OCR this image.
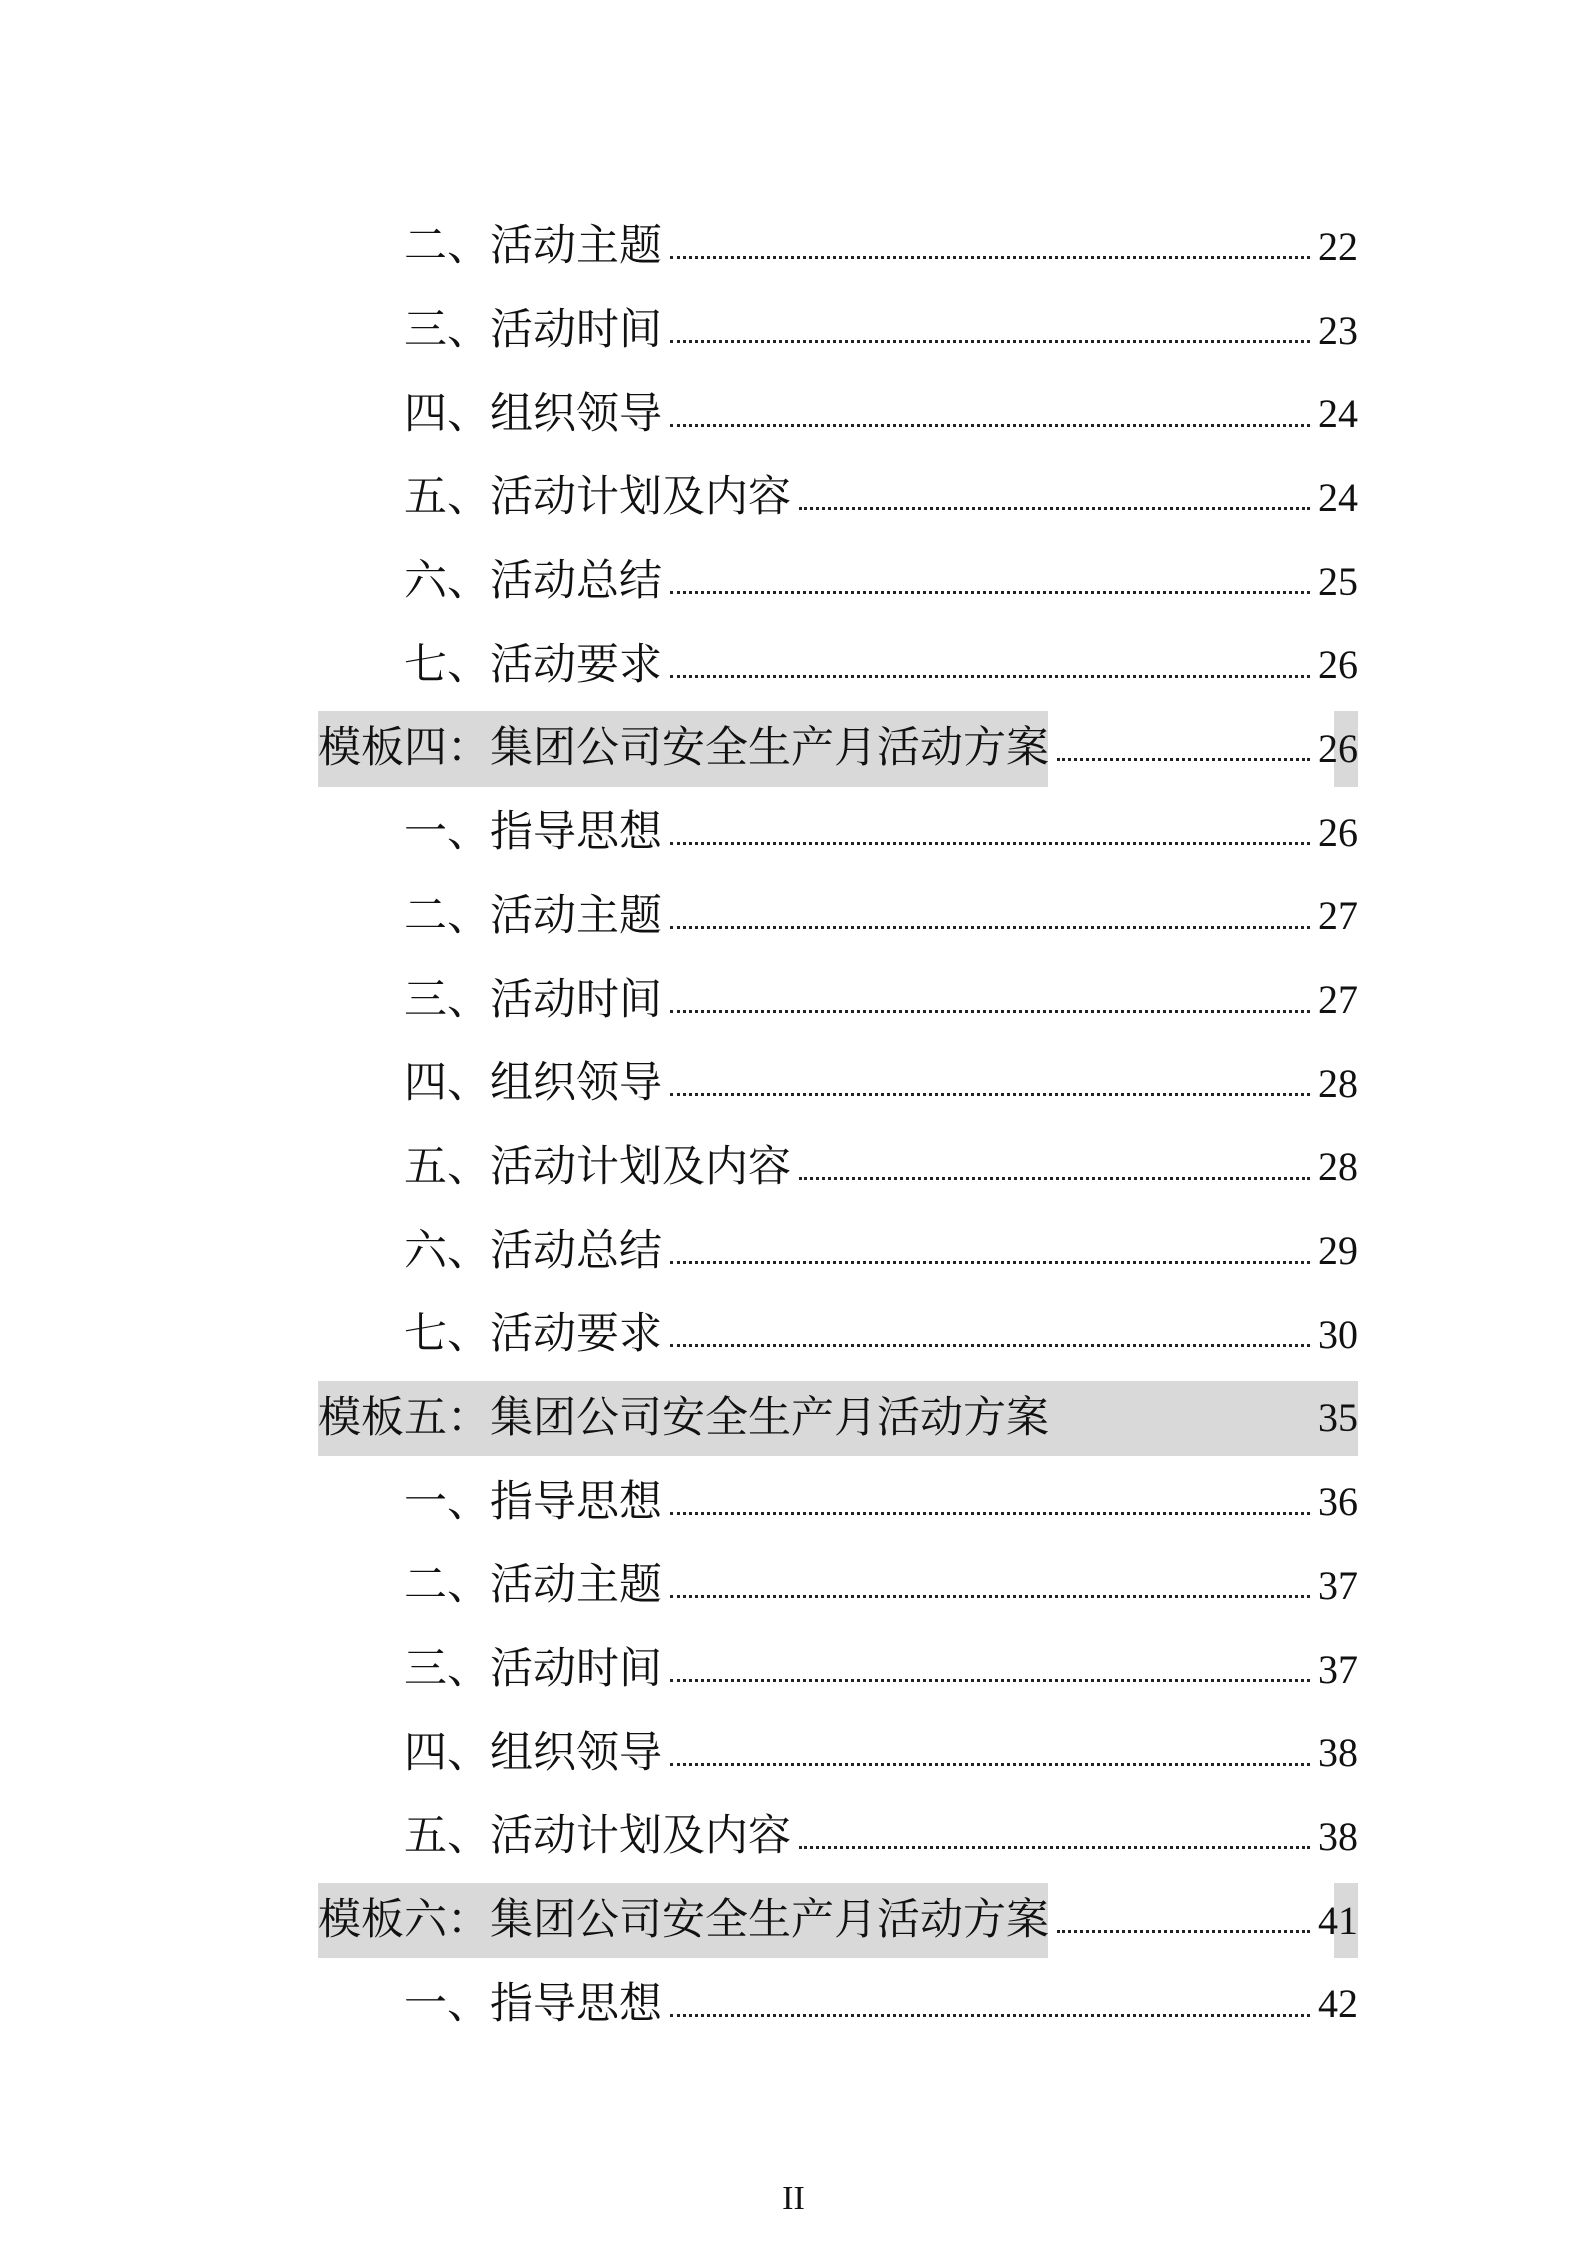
二、活动主题	22
三、活动时间	23
四、组织领导	24
五、活动计划及内容	24
六、活动总结	25
七、活动要求	26
模板四：集团公司安全生产月活动方案	26
一、指导思想	26
二、活动主题	27
三、活动时间	27
四、组织领导	28
五、活动计划及内容	28
六、活动总结	29
七、活动要求	30
模板五：集团公司安全生产月活动方案	35
一、指导思想	36
二、活动主题	37
三、活动时间	37
四、组织领导	38
五、活动计划及内容	38
模板六：集团公司安全生产月活动方案	41
一、指导思想	42
II
